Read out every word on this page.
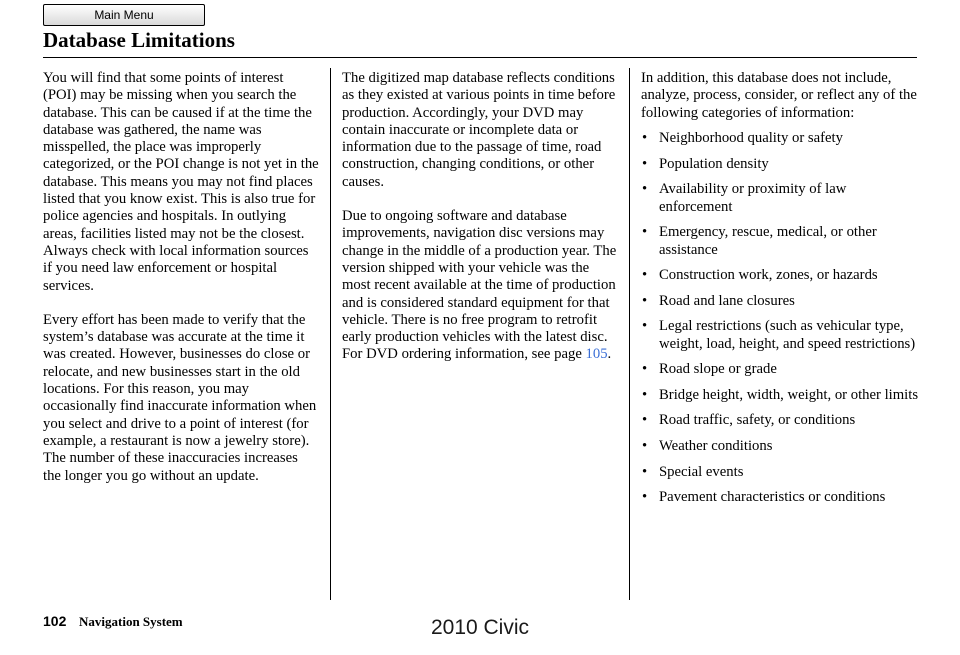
Main Menu
Database Limitations

You will find that some points of interest (POI) may be missing when you search the database. This can be caused if at the time the database was gathered, the name was misspelled, the place was improperly categorized, or the POI change is not yet in the database. This means you may not find places listed that you know exist. This is also true for police agencies and hospitals. In outlying areas, facilities listed may not be the closest. Always check with local information sources if you need law enforcement or hospital services.

Every effort has been made to verify that the system’s database was accurate at the time it was created. However, businesses do close or relocate, and new businesses start in the old locations. For this reason, you may occasionally find inaccurate information when you select and drive to a point of interest (for example, a restaurant is now a jewelry store). The number of these inaccuracies increases the longer you go without an update.

The digitized map database reflects conditions as they existed at various points in time before production. Accordingly, your DVD may contain inaccurate or incomplete data or information due to the passage of time, road construction, changing conditions, or other causes.

Due to ongoing software and database improvements, navigation disc versions may change in the middle of a production year. The version shipped with your vehicle was the most recent available at the time of production and is considered standard equipment for that vehicle. There is no free program to retrofit early production vehicles with the latest disc. For DVD ordering information, see page 105.

In addition, this database does not include, analyze, process, consider, or reflect any of the following categories of information:

• Neighborhood quality or safety
• Population density
• Availability or proximity of law enforcement
• Emergency, rescue, medical, or other assistance
• Construction work, zones, or hazards
• Road and lane closures
• Legal restrictions (such as vehicular type, weight, load, height, and speed restrictions)
• Road slope or grade
• Bridge height, width, weight, or other limits
• Road traffic, safety, or conditions
• Weather conditions
• Special events
• Pavement characteristics or conditions
102 Navigation System	2010 Civic
